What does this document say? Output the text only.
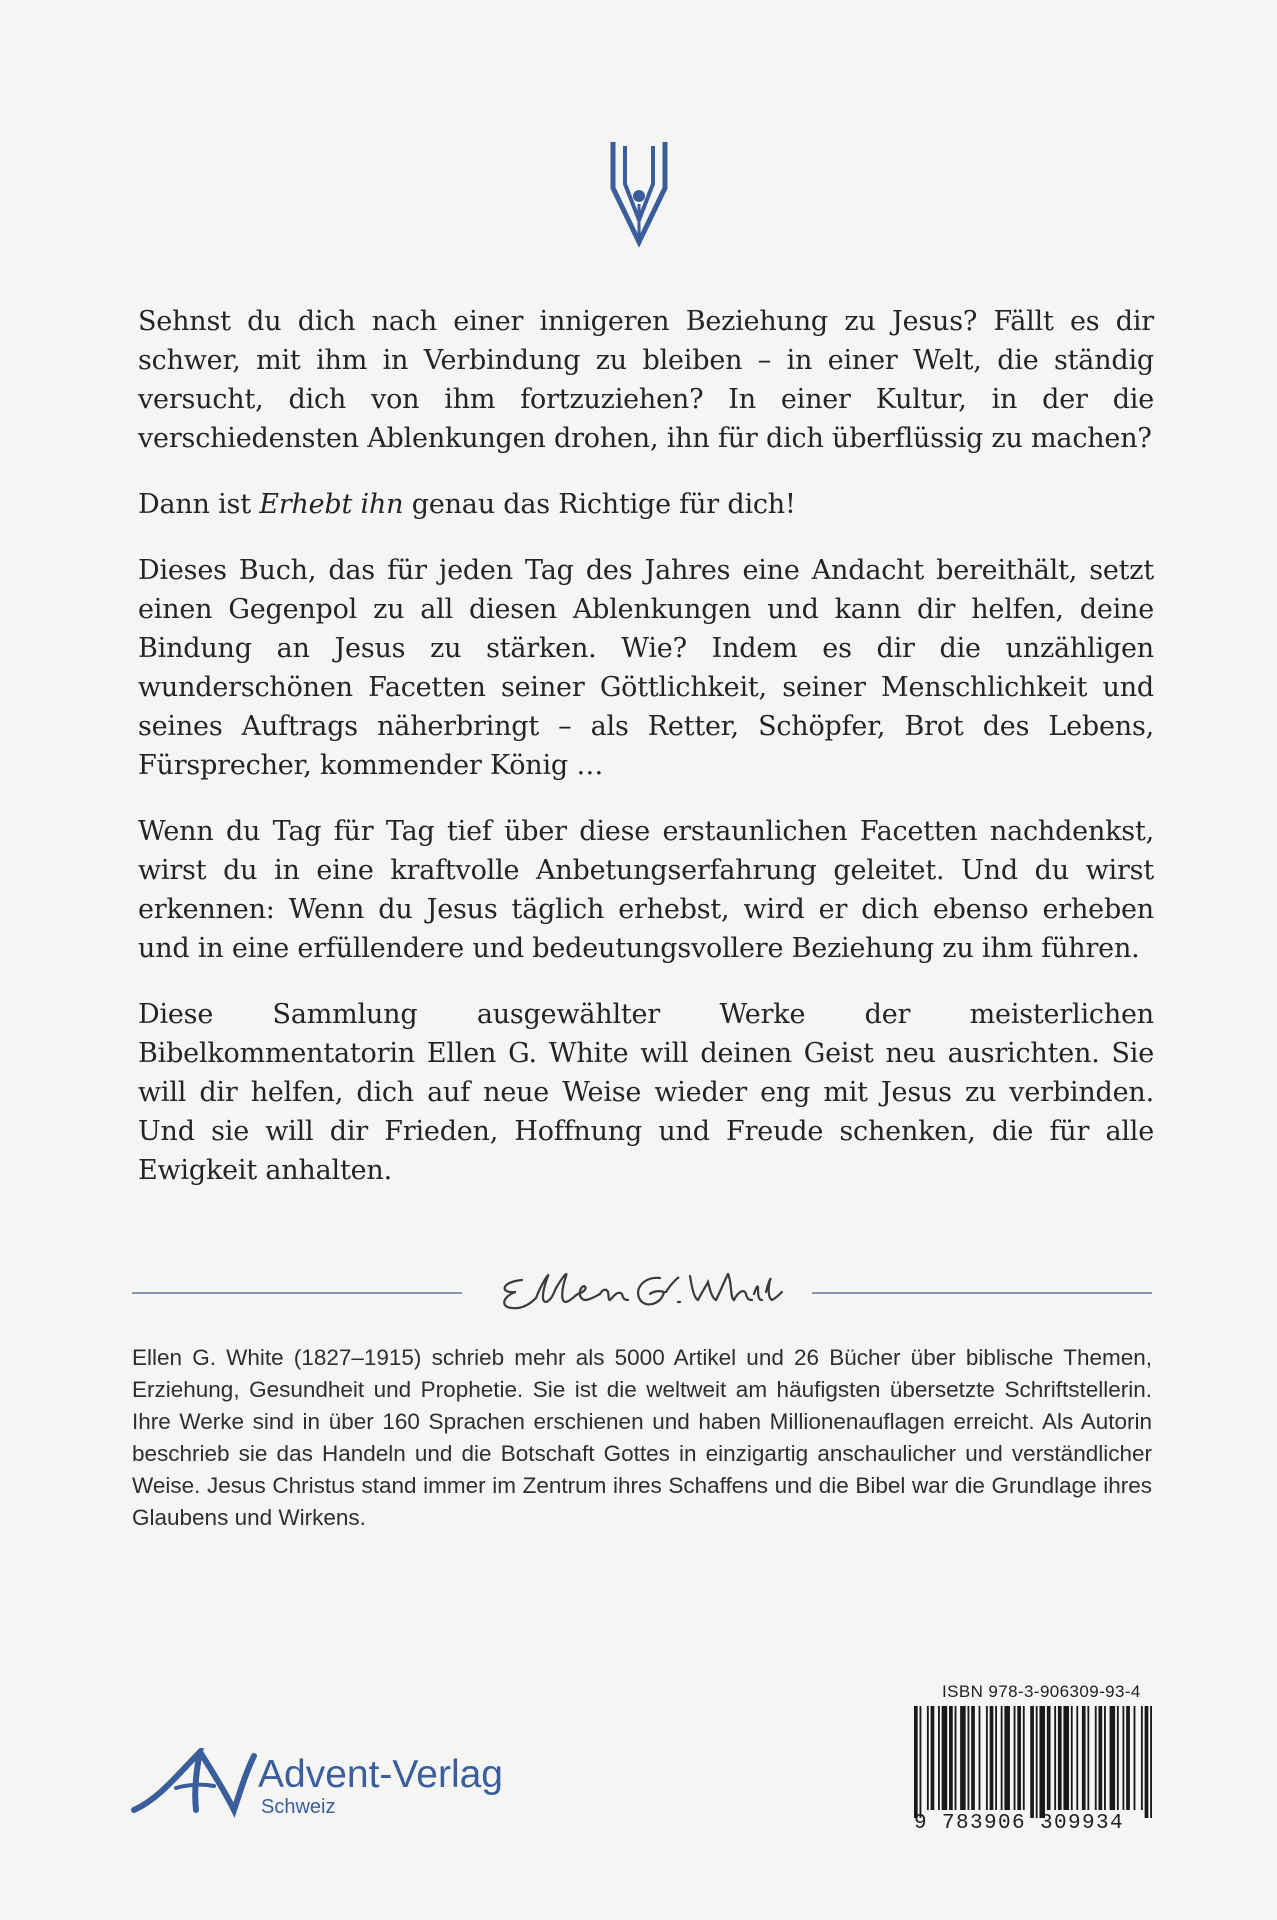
Sehnst du dich nach einer innigeren Beziehung zu Jesus? Fällt es dir schwer, mit ihm in Verbindung zu bleiben – in einer Welt, die ständig versucht, dich von ihm fortzuziehen? In einer Kultur, in der die verschiedensten Ablenkungen drohen, ihn für dich überflüssig zu machen?

Dann ist Erhebt ihn genau das Richtige für dich!

Dieses Buch, das für jeden Tag des Jahres eine Andacht bereithält, setzt einen Gegenpol zu all diesen Ablenkungen und kann dir helfen, deine Bindung an Jesus zu stärken. Wie? Indem es dir die unzähligen wunderschönen Facetten seiner Göttlichkeit, seiner Menschlichkeit und seines Auftrags näherbringt – als Retter, Schöpfer, Brot des Lebens, Fürsprecher, kommender König …

Wenn du Tag für Tag tief über diese erstaunlichen Facetten nachdenkst, wirst du in eine kraftvolle Anbetungserfahrung geleitet. Und du wirst erkennen: Wenn du Jesus täglich erhebst, wird er dich ebenso erheben und in eine erfüllendere und bedeutungsvollere Beziehung zu ihm führen.

Diese Sammlung ausgewählter Werke der meisterlichen Bibelkommentatorin Ellen G. White will deinen Geist neu ausrichten. Sie will dir helfen, dich auf neue Weise wieder eng mit Jesus zu verbinden. Und sie will dir Frieden, Hoffnung und Freude schenken, die für alle Ewigkeit anhalten.

Ellen G. White (1827–1915) schrieb mehr als 5000 Artikel und 26 Bücher über biblische Themen, Erziehung, Gesundheit und Prophetie. Sie ist die weltweit am häufigsten übersetzte Schriftstellerin. Ihre Werke sind in über 160 Sprachen erschienen und haben Millionenauflagen erreicht. Als Autorin beschrieb sie das Handeln und die Botschaft Gottes in einzigartig anschaulicher und verständlicher Weise. Jesus Christus stand immer im Zentrum ihres Schaffens und die Bibel war die Grundlage ihres Glaubens und Wirkens.
Advent-Verlag
Schweiz
ISBN 978-3-906309-93-4
9 783906 309934
